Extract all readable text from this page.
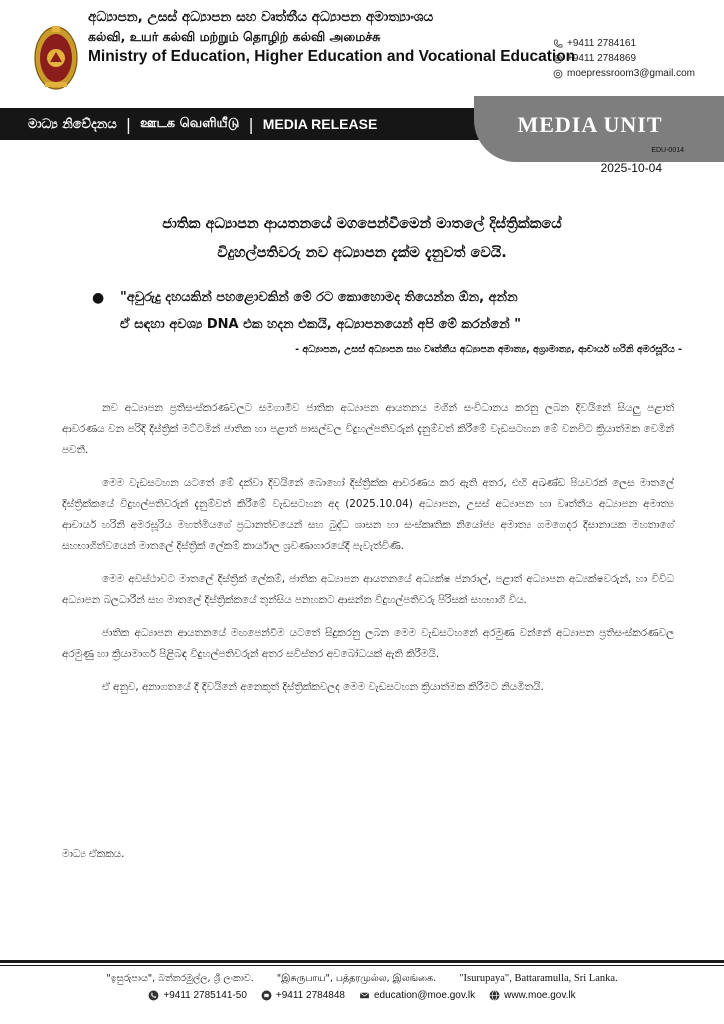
අධ්‍යාපන, උසස් අධ්‍යාපන සහ වෘත්තීය අධ්‍යාපන අමාත්‍යාංශය
கல்வி, உயர் கல்வி மற்றும் தொழிற் கல்வி அமைச்சு
Ministry of Education, Higher Education and Vocational Education
+9411 2784161
+9411 2784869
moepressroom3@gmail.com
මාධ්‍ය නිවේදනය | ஊடக வெளியீடு | MEDIA RELEASE	MEDIA UNIT
EDU-0014
2025-10-04
ජාතික අධ්‍යාපන ආයතනයේ මගපෙන්වීමෙන් මාතලේ දිස්ත්‍රික්කයේ
විදුහල්පතිවරු නව අධ්‍යාපන දැක්ම දැනුවත් වෙයි.
● "අවුරුදු දහයකින් පහළොවකින් මේ රට කොහොමද තියෙන්න ඕන, අන්න
ඒ සඳහා අවශ්‍ය DNA එක හදන එකයි, අධ්‍යාපනයෙන් අපි මේ කරන්නේ "
- අධ්‍යාපන, උසස් අධ්‍යාපන සහ වෘත්තීය අධ්‍යාපන අමාත්‍ය, අග්‍රාමාත්‍ය, ආචාර්ය හරිනි අමරසූරිය -

නව අධ්‍යාපන ප්‍රතිසංස්කරණවලට සමගාමීව ජාතික අධ්‍යාපන ආයතනය මගින් සංවිධානය කරනු ලබන දිවයිනේ සියලු පළාත් ආවරණය වන පරිදි දිස්ත්‍රික් මට්ටමින් ජාතික හා පළාත් පාසල්වල විදුහල්පතිවරුන් දැනුම්වත් කිරීමේ වැඩසටහන මේ වනවිට ක්‍රියාත්මක වෙමින් පවතී.

මෙම වැඩසටහන යටතේ මේ දක්වා දිවයිනේ බොහෝ දිස්ත්‍රික්ක ආවරණය කර ඇති අතර, එහි අඛණ්ඩ පියවරක් ලෙස මාතලේ දිස්ත්‍රික්කයේ විදුහල්පතිවරුන් දැනුම්වත් කිරීමේ වැඩසටහන අද (2025.10.04) අධ්‍යාපන, උසස් අධ්‍යාපන හා වෘත්තීය අධ්‍යාපන අමාත්‍ය ආචාර්ය හරිනි අමරසූරිය මහත්මියගේ ප්‍රධානත්වයෙන් සහ බුද්ධ ශාසන හා සංස්කෘතික නියෝජ්‍ය අමාත්‍ය ගමගෙදර දිසානායක මහතාගේ සහභාගිත්වයෙන් මාතලේ දිස්ත්‍රික් ලේකම් කාර්යාල ශ්‍රවණාගාරයේදී පැවැත්විණි.

මෙම අවස්ථාවට මාතලේ දිස්ත්‍රික් ලේකම්, ජාතික අධ්‍යාපන ආයතනයේ අධ්‍යක්ෂ ජනරාල්, පළාත් අධ්‍යාපන අධ්‍යක්ෂවරුන්, හා විවිධ අධ්‍යාපන බලධාරීන් සහ මාතලේ දිස්ත්‍රික්කයේ තුන්සිය පනහකට ආසන්න විදුහල්පතිවරු පිරිසක් සහභාගි විය.

ජාතික අධ්‍යාපන ආයතනයේ මඟපෙන්වීම යටතේ සිදුකරනු ලබන මෙම වැඩසටහනේ අරමුණ වන්නේ අධ්‍යාපන ප්‍රතිසංස්කරණවල අරමුණු හා ක්‍රියාමාර්ග පිළිබඳ විදුහල්පතිවරුන් අතර සවිස්තර අවබෝධයක් ඇති කිරීමයි.

ඒ අනුව, අනාගතයේ දී දිවයිනේ අනෙකුත් දිස්ත්‍රික්කවලද මෙම වැඩසටහන ක්‍රියාත්මක කිරීමට නියමිතයි.

මාධ්‍ය ඒකකය.
"ඉසුරුපාය", බත්තරමුල්ල, ශ්‍රී ලංකාව. "இசுருபாய", பத்தரமுல்ல, இலங்கை. "Isurupaya", Battaramulla, Sri Lanka.
+9411 2785141-50	+9411 2784848	education@moe.gov.lk	www.moe.gov.lk
